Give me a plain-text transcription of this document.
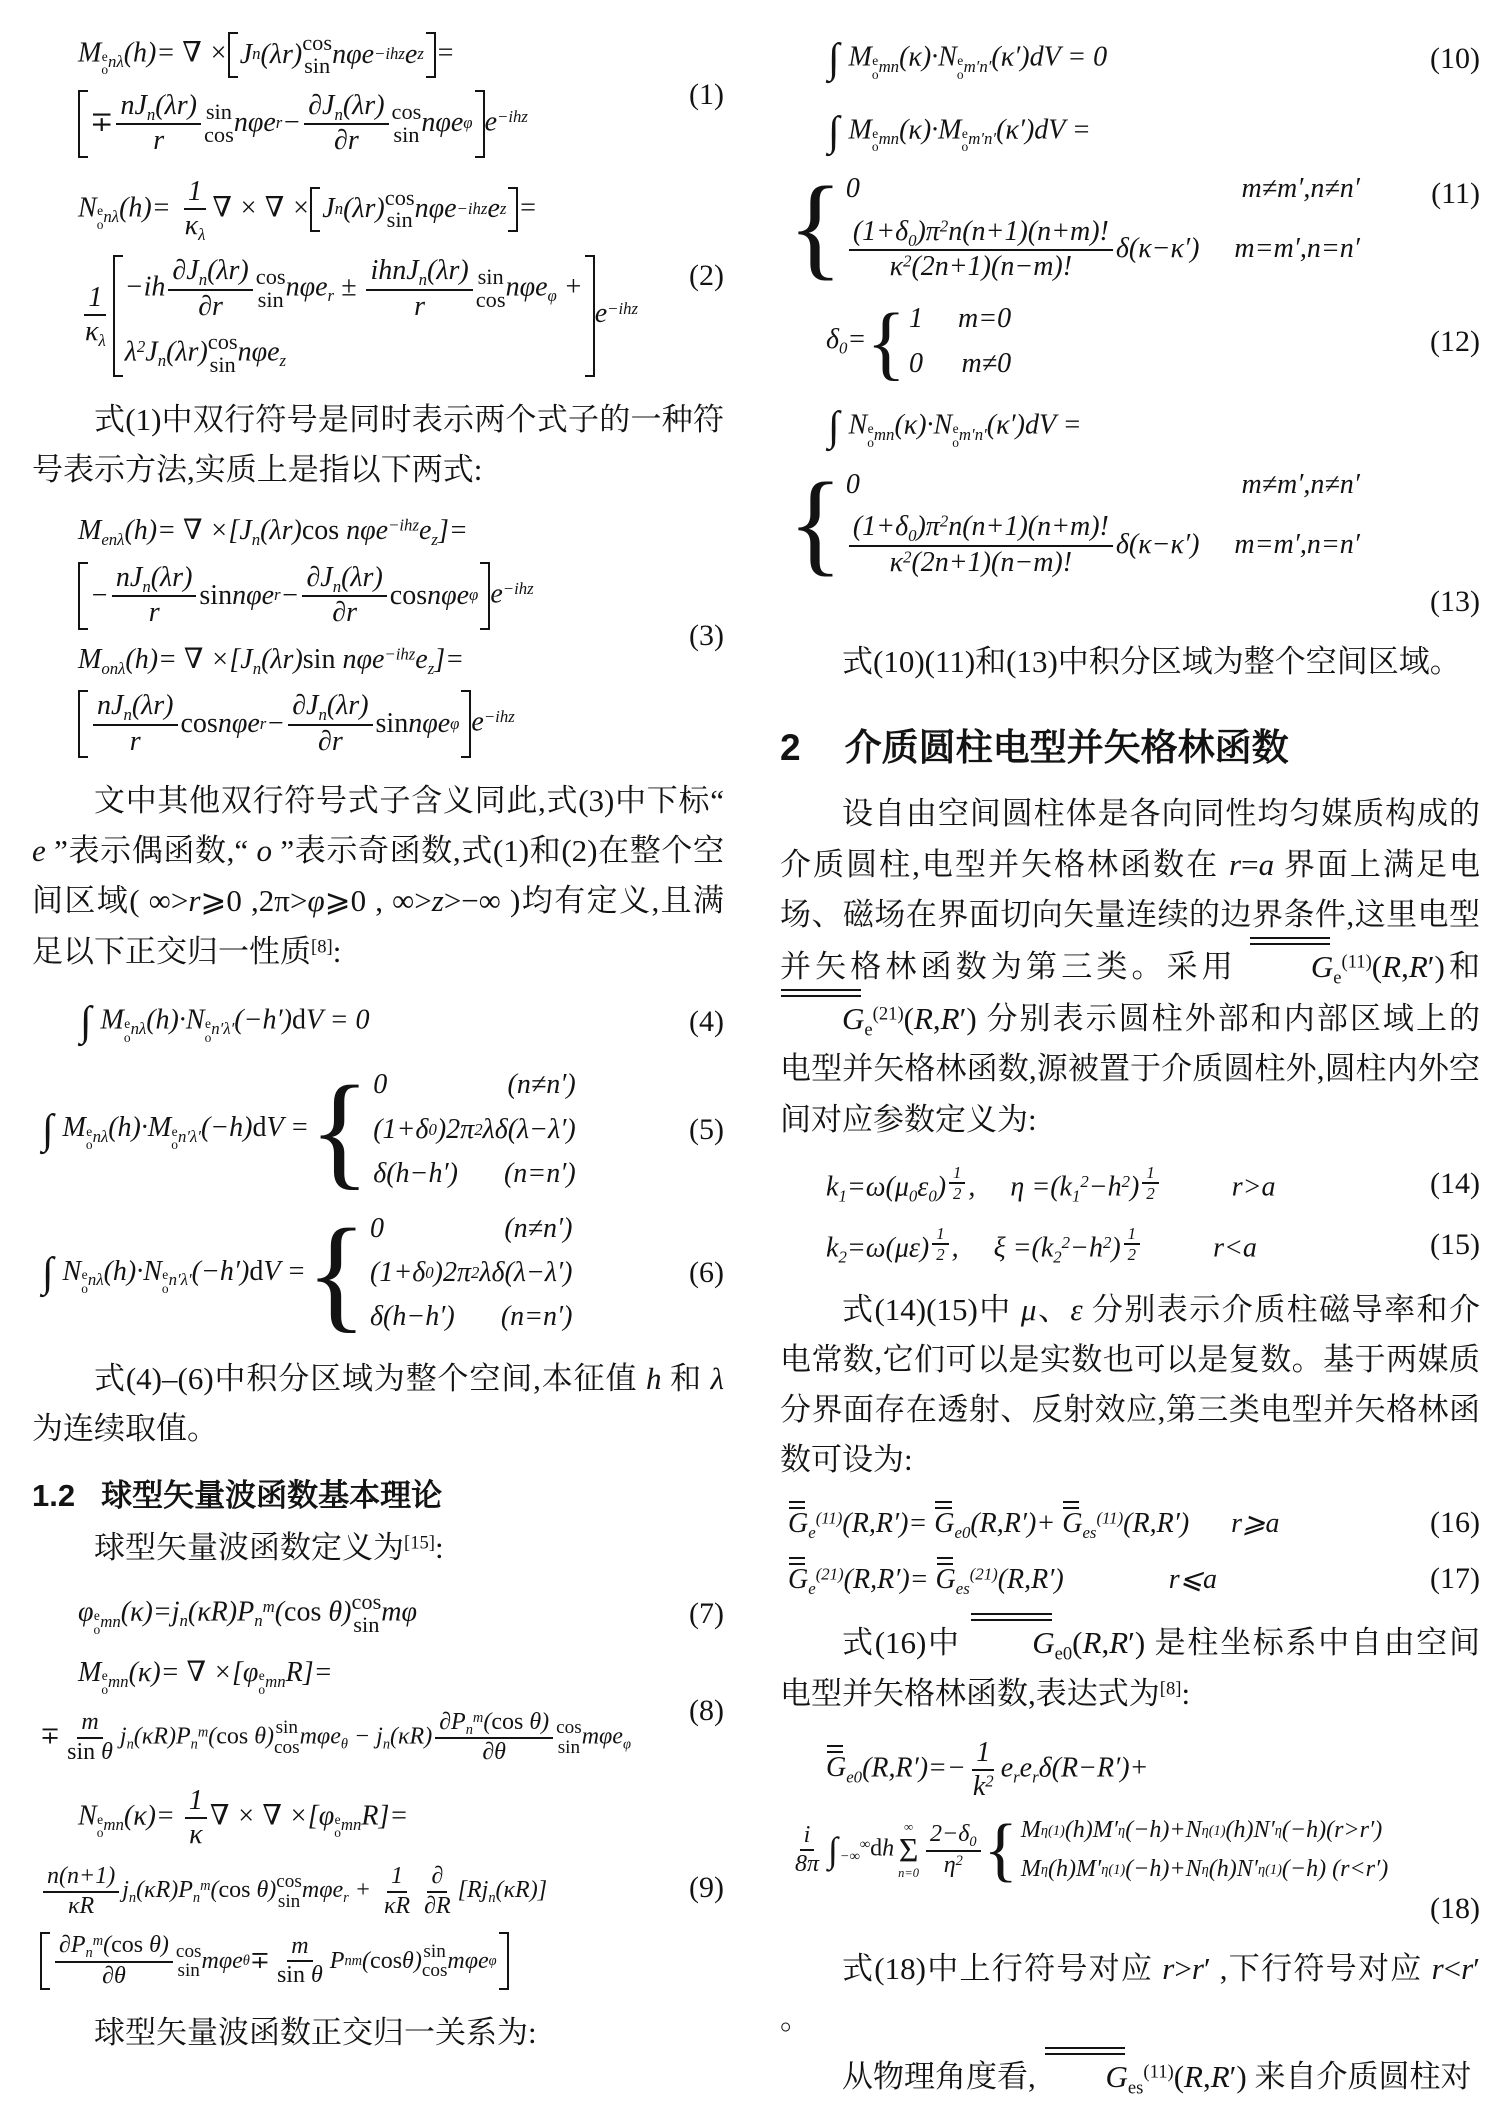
M $_{e o n\lambda}$(h)= ∇ × J n (λr) cos
sin nφe −ihz e z =
∓
$nJ_n(\lambda r)$
r
sin
cos nφe r −
$\partial J_n(\lambda r)$
∂r
cos
sin nφe φ $e^{-ihz}$
(1)
N $_{e o n\lambda}(h)= \frac{1}{\kappa_\lambda}$ ∇ × ∇ × J n (λr) cos
sin nφe −ihz e z =
$\frac{1}{\kappa_\lambda} -ih \frac{\partial J_n(\lambda r)}{\partial r}$ cos
sin nφe$_r$ ±
ihnJ$_n$(λr)
r
sin
cos nφe$_\varphi$ +
$\lambda^2J_n(\lambda r)$ cos
sin nφe$_z$
$e^{-ihz}$
(2)

式(1)中双行符号是同时表示两个式子的一种符号表示方法,实质上是指以下两式:

$M_{en\lambda}(h)=$ ∇ $\times[J_n(\lambda r)\cos$ $n\varphi e^{-ihz}e_z]=$
−
$nJ_n(\lambda r)$
r
sin nφe r −
$\partial J_n(\lambda r)$
∂r
cos nφe φ $e^{-ihz}$
$M_{on\lambda}(h)=$ ∇ $\times[J_n(\lambda r)\sin$ $n\varphi e^{-ihz}e_z]=$
$nJ_n(\lambda r)$
r
cos nφe r −
$\partial J_n(\lambda r)$
∂r
sin nφe φ $e^{-ihz}$
(3)

文中其他双行符号式子含义同此,式(3)中下标“ e ”表示偶函数,“ o ”表示奇函数,式(1)和(2)在整个空间区域( ∞>r⩾0 ,2π>φ⩾0 , ∞>z>−∞ )均有定义,且满足以下正交归一性质[8]:

∫ M $_{e o n\lambda}$(h)·N $_{e o n'\lambda'}$(−h′)dV = 0	(4)
∫ M $_{e o n\lambda}$(h)·M $_{e o n'\lambda'}$(−h)dV = { 0	(n≠n′)
(1+δ 0 )2π 2 λδ(λ−λ′)
δ(h−h′) (n=n′)
(5)
∫ N $_{e o n\lambda}$(h)·N $_{e o n'\lambda'}$(−h′)dV = { 0	(n≠n′)
(1+δ 0 )2π 2 λδ(λ−λ′)
δ(h−h′) (n=n′)
(6)

式(4)–(6)中积分区域为整个空间,本征值 h 和 λ 为连续取值。

1.2 球型矢量波函数基本理论

球型矢量波函数定义为[15]:

φ $_{e o mn}(\kappa)=j_n(\kappa R)P_n^m(\cos$ θ) cos
sin mφ	(7)
M $_{e o mn}$(κ)= ∇ ×[φ $_{e o mn}$R]=
∓ $\frac{m}{\text{sin θ}} j_n(\kappa R)P_n^m(\cos$ θ) sin
$\cos m\varphi e_\theta - j_n(\kappa R)$
$\partial P_n^m(\cos$ θ)
∂θ
cos
sin mφe$_\varphi$
(8)
N $_{e o mn}(\kappa)= \frac{1}{\kappa}$ ∇ × ∇ ×[φ $_{e o mn}$R]=
$\frac{n(n+1)}{\kappa R} j_n(\kappa R)P_n^m(\cos$ θ) cos
$\sin m\varphi e_r + \frac{1}{\kappa R}$ ∂
∂R
$[Rj_n(\kappa R)]$
$\partial P_n^m(\cos$ θ)
∂θ
cos
sin mφe θ ∓
m
sin θ
P n m ( cos θ) sin
cos mφe φ
(9)

球型矢量波函数正交归一关系为:

∫ M $_{e o mn}$(κ)·N $_{e o m'n'}$(κ′)dV = 0	(10)
∫ M $_{e o mn}$(κ)·M $_{e o m'n'}$(κ′)dV =
{ 0	m≠m′,n≠n′
$(1+\delta_0)\pi^2n(n+1)(n+m)$!
$\kappa^2(2n+1)(n-m)$!
δ(κ−κ′) m=m′,n=n′
(11)
$\delta_0=$ { 1 m=0
0 m≠0
(12)
∫ N $_{e o mn}$(κ)·N $_{e o m'n'}$(κ′)dV =
{ 0	m≠m′,n≠n′
$(1+\delta_0)\pi^2n(n+1)(n+m)$!
$\kappa^2(2n+1)(n-m)$!
δ(κ−κ′) m=m′,n=n′
(13)

式(10)(11)和(13)中积分区域为整个空间区域。

2 介质圆柱电型并矢格林函数

设自由空间圆柱体是各向同性均匀媒质构成的介质圆柱,电型并矢格林函数在 r=a 界面上满足电场、磁场在界面切向矢量连续的边界条件,这里电型并矢格林函数为第三类。采用 $G_e^{(11)}(R,R')$和$G_e^{(21)}(R,R')$ 分别表示圆柱外部和内部区域上的电型并矢格林函数,源被置于介质圆柱外,圆柱内外空间对应参数定义为:

$k_1=\omega(\mu_0\varepsilon_0)$ $^{\frac{1}{2}}$ , $\eta =(k_1^2-h^2)$ $^{\frac{1}{2}}$	r>a	(14)
$k_2=\omega(\mu\varepsilon)$ $^{\frac{1}{2}}$ , $\xi =(k_2^2-h^2)$ $^{\frac{1}{2}}$	r<a	(15)

式(14)(15)中 μ、ε 分别表示介质柱磁导率和介电常数,它们可以是实数也可以是复数。基于两媒质分界面存在透射、反射效应,第三类电型并矢格林函数可设为:

$G_e^{(11)}(R,R')= G_{e0}(R,R')+ G_{es}^{(11)}(R,R')$ r⩾a	(16)
$G_e^{(21)}(R,R')= G_{es}^{(21)}(R,R')$	r⩽a	(17)

式(16)中 $G_{e0}(R,R')$ 是柱坐标系中自由空间电型并矢格林函数,表达式为[8]:

$G_{e0}(R,R')=- \frac{1}{k^2} e_re_r\delta(R-R')+$
$\frac{i}{8\pi}$ ∫ $_{-\infty}$∞dh
∞
Σ
$n=0 \frac{2-\delta_0}{\eta^2}$ { M η (1) (h)M′ η (−h)+N η (1) (h)N′ η (−h)(r>r′)
M η (h)M′ η (1) (−h)+N η (h)N′ η (1) (−h) (r<r′)
(18)

式(18)中上行符号对应 r>r′ ,下行符号对应 r<r′ 。

从物理角度看, $G_{es}^{(11)}(R,R')$ 来自介质圆柱对
